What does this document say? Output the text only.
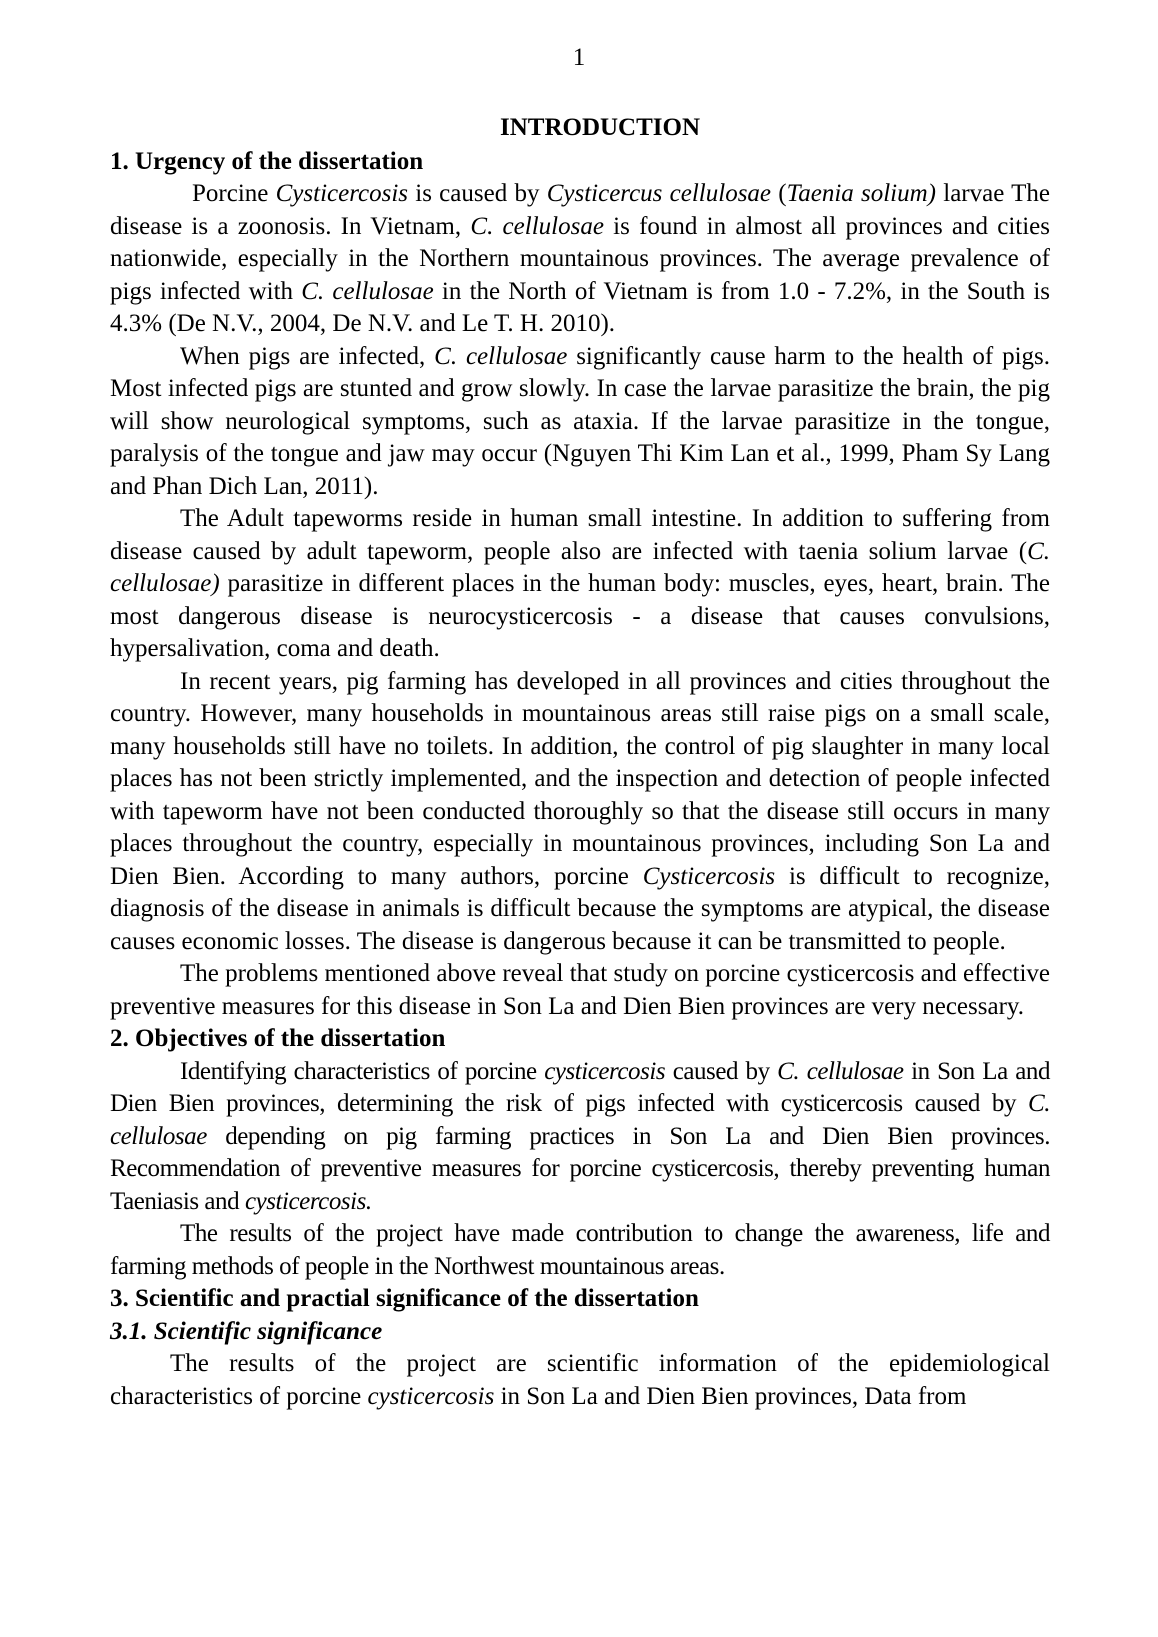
1
INTRODUCTION
1. Urgency of the dissertation

Porcine Cysticercosis is caused by Cysticercus cellulosae (Taenia solium) larvae The disease is a zoonosis. In Vietnam, C. cellulosae is found in almost all provinces and cities nationwide, especially in the Northern mountainous provinces. The average prevalence of pigs infected with C. cellulosae in the North of Vietnam is from 1.0 - 7.2%, in the South is 4.3% (De N.V., 2004, De N.V. and Le T. H. 2010).

When pigs are infected, C. cellulosae significantly cause harm to the health of pigs. Most infected pigs are stunted and grow slowly. In case the larvae parasitize the brain, the pig will show neurological symptoms, such as ataxia. If the larvae parasitize in the tongue, paralysis of the tongue and jaw may occur (Nguyen Thi Kim Lan et al., 1999, Pham Sy Lang and Phan Dich Lan, 2011).

The Adult tapeworms reside in human small intestine. In addition to suffering from disease caused by adult tapeworm, people also are infected with taenia solium larvae (C. cellulosae) parasitize in different places in the human body: muscles, eyes, heart, brain. The most dangerous disease is neurocysticercosis - a disease that causes convulsions, hypersalivation, coma and death.

In recent years, pig farming has developed in all provinces and cities throughout the country. However, many households in mountainous areas still raise pigs on a small scale, many households still have no toilets. In addition, the control of pig slaughter in many local places has not been strictly implemented, and the inspection and detection of people infected with tapeworm have not been conducted thoroughly so that the disease still occurs in many places throughout the country, especially in mountainous provinces, including Son La and Dien Bien. According to many authors, porcine Cysticercosis is difficult to recognize, diagnosis of the disease in animals is difficult because the symptoms are atypical, the disease causes economic losses. The disease is dangerous because it can be transmitted to people.

The problems mentioned above reveal that study on porcine cysticercosis and effective preventive measures for this disease in Son La and Dien Bien provinces are very necessary.

2. Objectives of the dissertation

Identifying characteristics of porcine cysticercosis caused by C. cellulosae in Son La and Dien Bien provinces, determining the risk of pigs infected with cysticercosis caused by C. cellulosae depending on pig farming practices in Son La and Dien Bien provinces. Recommendation of preventive measures for porcine cysticercosis, thereby preventing human Taeniasis and cysticercosis.

The results of the project have made contribution to change the awareness, life and farming methods of people in the Northwest mountainous areas.

3. Scientific and practial significance of the dissertation
3.1. Scientific significance

The results of the project are scientific information of the epidemiological characteristics of porcine cysticercosis in Son La and Dien Bien provinces, Data from
